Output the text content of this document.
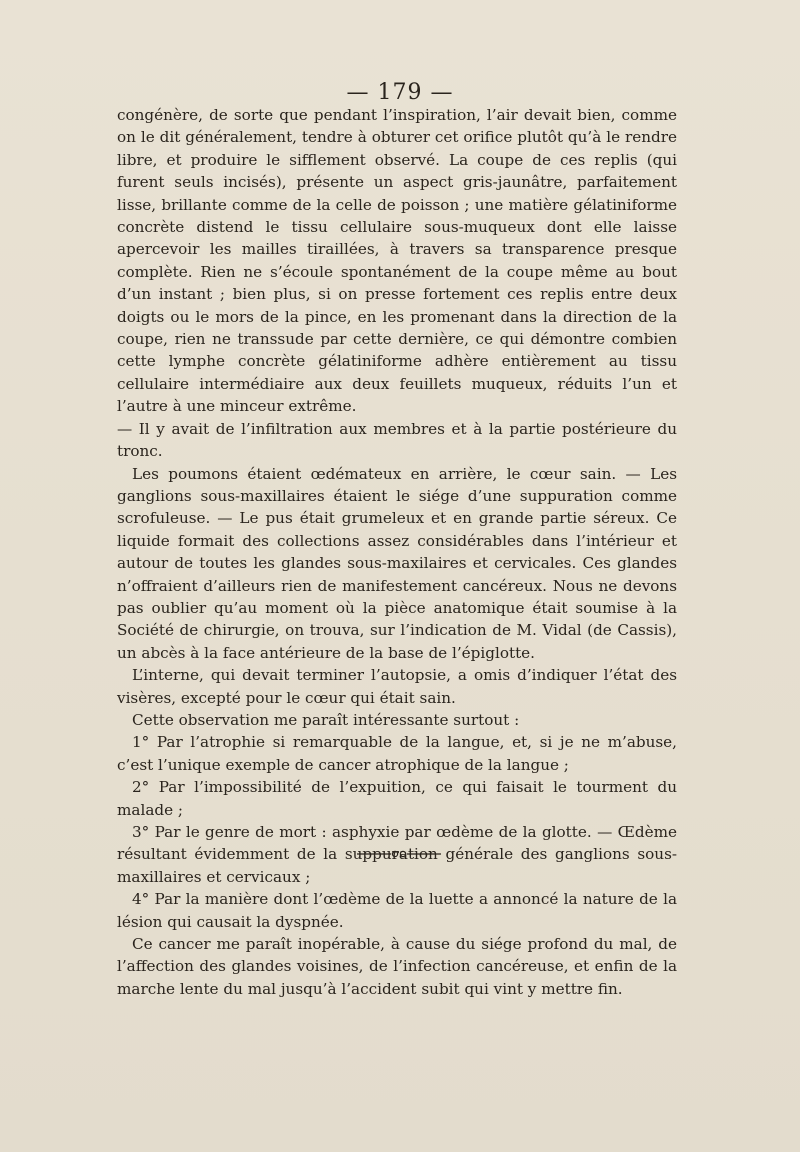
— 179 —

congénère, de sorte que pendant l’inspiration, l’air devait bien, comme on le dit généralement, tendre à obturer cet orifice plutôt qu’à le rendre libre, et produire le sifflement observé. La coupe de ces replis (qui furent seuls incisés), présente un aspect gris-jaunâtre, parfaitement lisse, brillante comme de la celle de poisson ; une matière gélatiniforme concrète distend le tissu cellulaire sous-muqueux dont elle laisse apercevoir les mailles tiraillées, à travers sa transparence presque complète. Rien ne s’écoule spontanément de la coupe même au bout d’un instant ; bien plus, si on presse fortement ces replis entre deux doigts ou le mors de la pince, en les promenant dans la direction de la coupe, rien ne transsude par cette dernière, ce qui démontre combien cette lymphe concrète gélatiniforme adhère entièrement au tissu cellulaire intermédiaire aux deux feuillets muqueux, réduits l’un et l’autre à une minceur extrême.

— Il y avait de l’infiltration aux membres et à la partie postérieure du tronc.

Les poumons étaient œdémateux en arrière, le cœur sain. — Les ganglions sous-maxillaires étaient le siége d’une suppuration comme scrofuleuse. — Le pus était grumeleux et en grande partie séreux. Ce liquide formait des collections assez considérables dans l’intérieur et autour de toutes les glandes sous-maxilaires et cervicales. Ces glandes n’offraient d’ailleurs rien de manifestement cancéreux. Nous ne devons pas oublier qu’au moment où la pièce anatomique était soumise à la Société de chirurgie, on trouva, sur l’indication de M. Vidal (de Cassis), un abcès à la face antérieure de la base de l’épiglotte.

L’interne, qui devait terminer l’autopsie, a omis d’indiquer l’état des visères, excepté pour le cœur qui était sain.

Cette observation me paraît intéressante surtout :

1° Par l’atrophie si remarquable de la langue, et, si je ne m’abuse, c’est l’unique exemple de cancer atrophique de la langue ;

2° Par l’impossibilité de l’expuition, ce qui faisait le tourment du malade ;

3° Par le genre de mort : asphyxie par œdème de la glotte. — Œdème résultant évidemment de la suppuration générale des ganglions sous-maxillaires et cervicaux ;

4° Par la manière dont l’œdème de la luette a annoncé la nature de la lésion qui causait la dyspnée.

Ce cancer me paraît inopérable, à cause du siége profond du mal, de l’affection des glandes voisines, de l’infection cancéreuse, et enfin de la marche lente du mal jusqu’à l’accident subit qui vint y mettre fin.
